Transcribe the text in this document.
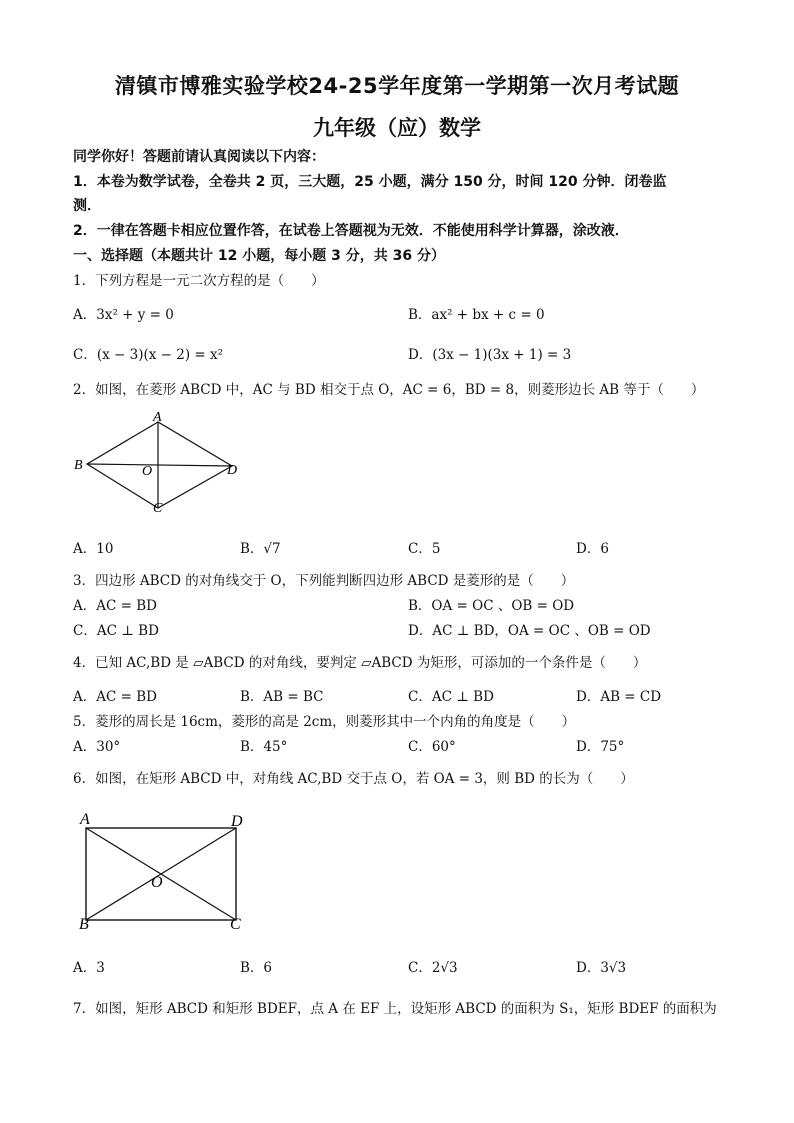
清镇市博雅实验学校24-25学年度第一学期第一次月考试题
九年级（应）数学
同学你好！答题前请认真阅读以下内容：
1．本卷为数学试卷，全卷共 2 页，三大题，25 小题，满分 150 分，时间 120 分钟．闭卷监
测．
2．一律在答题卡相应位置作答，在试卷上答题视为无效．不能使用科学计算器，涂改液．
一、选择题（本题共计 12 小题，每小题 3 分，共 36 分）
1．下列方程是一元二次方程的是（　　）
A．3x² + y = 0	B．ax² + bx + c = 0
C．(x − 3)(x − 2) = x²	D．(3x − 1)(3x + 1) = 3
2．如图，在菱形 ABCD 中，AC 与 BD 相交于点 O，AC = 6，BD = 8，则菱形边长 AB 等于（　　）
A
B	O	D
C
A．10	B．√7	C．5	D．6
3．四边形 ABCD 的对角线交于 O，下列能判断四边形 ABCD 是菱形的是（　　）
A．AC = BD	B．OA = OC 、OB = OD
C．AC ⊥ BD	D．AC ⊥ BD，OA = OC 、OB = OD
4．已知 AC,BD 是 ▱ABCD 的对角线，要判定 ▱ABCD 为矩形，可添加的一个条件是（　　）
A．AC = BD	B．AB = BC	C．AC ⊥ BD	D．AB = CD
5．菱形的周长是 16cm，菱形的高是 2cm，则菱形其中一个内角的角度是（　　）
A．30°	B．45°	C．60°	D．75°
6．如图，在矩形 ABCD 中，对角线 AC,BD 交于点 O，若 OA = 3，则 BD 的长为（　　）
A	D
O
B	C
A．3	B．6	C．2√3	D．3√3
7．如图，矩形 ABCD 和矩形 BDEF，点 A 在 EF 上，设矩形 ABCD 的面积为 S₁，矩形 BDEF 的面积为
